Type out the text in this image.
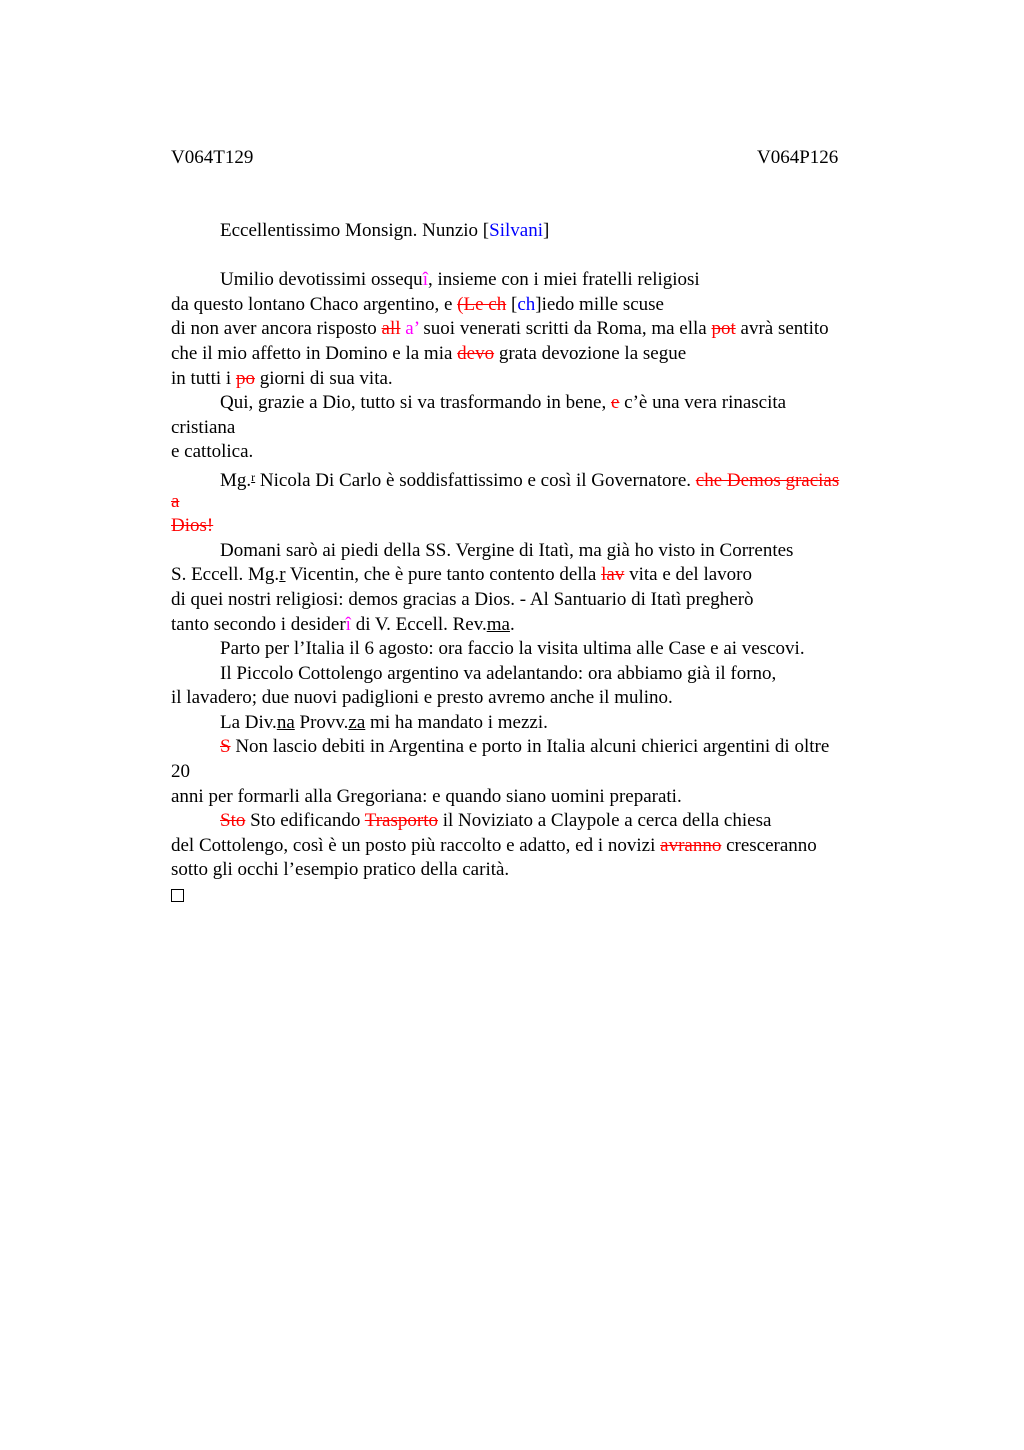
V064T129	V064P126
Eccellentissimo Monsign. Nunzio [Silvani]
Umilio devotissimi ossequî, insieme con i miei fratelli religiosi
da questo lontano Chaco argentino, e (Le ch [ch]iedo mille scuse
di non aver ancora risposto all a’ suoi venerati scritti da Roma, ma ella pot avrà sentito
che il mio affetto in Domino e la mia devo grata devozione la segue
in tutti i po giorni di sua vita.
Qui, grazie a Dio, tutto si va trasformando in bene, e c’è una vera rinascita
cristiana
e cattolica.
Mg.$^r$ Nicola Di Carlo è soddisfattissimo e così il Governatore. che Demos gracias
a
Dios!
Domani sarò ai piedi della SS. Vergine di Itatì, ma già ho visto in Correntes
S. Eccell. Mg.r Vicentin, che è pure tanto contento della lav vita e del lavoro
di quei nostri religiosi: demos gracias a Dios. - Al Santuario di Itatì pregherò
tanto secondo i desiderî di V. Eccell. Rev.ma.
Parto per l’Italia il 6 agosto: ora faccio la visita ultima alle Case e ai vescovi.
Il Piccolo Cottolengo argentino va adelantando: ora abbiamo già il forno,
il lavadero; due nuovi padiglioni e presto avremo anche il mulino.
La Div.na Provv.za mi ha mandato i mezzi.
S Non lascio debiti in Argentina e porto in Italia alcuni chierici argentini di oltre
20
anni per formarli alla Gregoriana: e quando siano uomini preparati.
Sto Sto edificando Trasporto il Noviziato a Claypole a cerca della chiesa
del Cottolengo, così è un posto più raccolto e adatto, ed i novizi avranno cresceranno
sotto gli occhi l’esempio pratico della carità.
